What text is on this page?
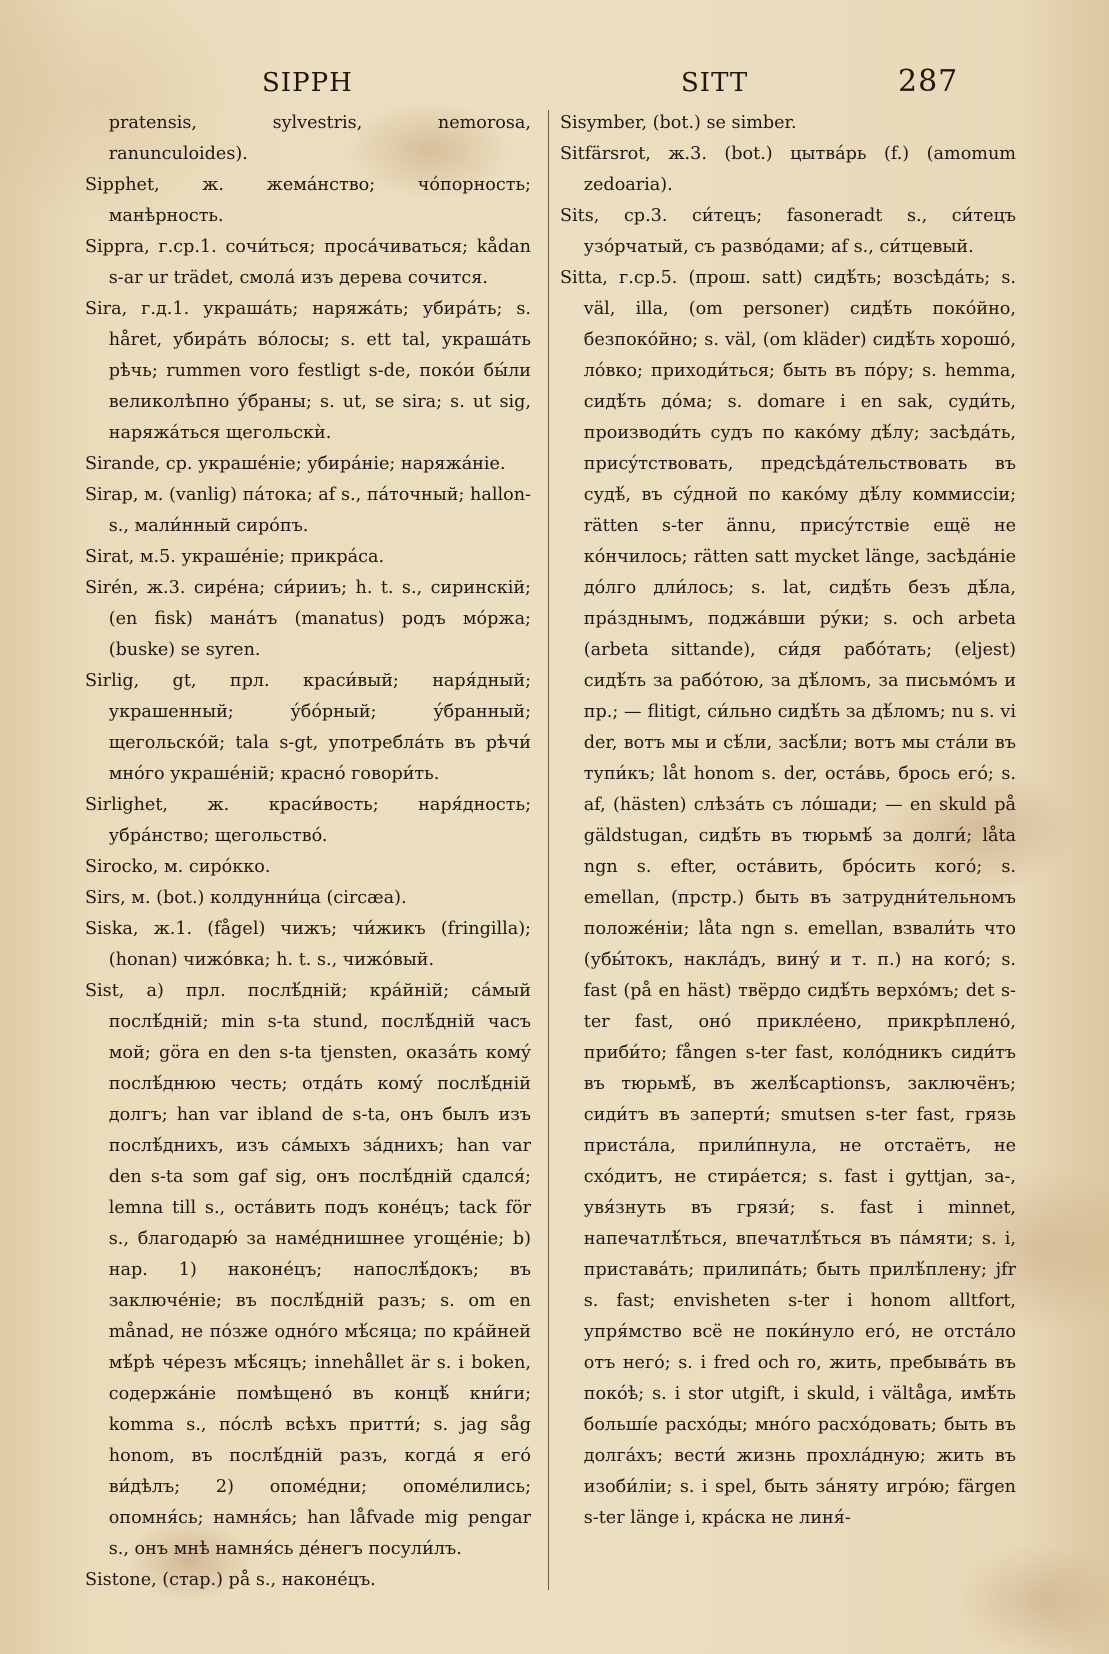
SIPPH	SITT	287

pratensis, sylvestris, nemorosa, ranunculoides).

Sipphet, ж. жемáнство; чóпорность; манѣрность.

Sippra, г.ср.1. сочи́ться; просáчиваться; kådan s-ar ur trädet, смолá изъ дерева сочится.

Sira, г.д.1. украшáть; наряжáть; убирáть; s. håret, убирáть вóлосы; s. ett tal, украшáть рѣчь; rummen voro festligt s-de, покóи бы́ли великолѣпно у́браны; s. ut, se sira; s. ut sig, наряжáться щегольскѝ.

Sirande, ср. украшéніе; убирáніе; наряжáніе.

Sirap, м. (vanlig) пáтока; af s., пáточный; hallon-s., мали́нный сирóпъ.

Sirat, м.5. украшéніе; прикрáса.

Sirén, ж.3. сирéна; си́рииъ; h. t. s., сиринскій; (en fisk) манáтъ (manatus) родъ мóржа; (buske) se syren.

Sirlig, gt, прл. краси́вый; наря́дный; украшенный; ýбóрный; ýбранный; щегольскóй; tala s-gt, употреблáть въ рѣчи́ мнóго украшéній; краснó говори́ть.

Sirlighet, ж. краси́вость; наря́дность; убрáнство; щегольствó.

Sirocko, м. сирóкко.

Sirs, м. (bot.) колдунни́ца (circæa).

Siska, ж.1. (fågel) чижъ; чи́жикъ (fringilla); (honan) чижóвка; h. t. s., чижóвый.

Sist, a) прл. послѣ́дній; крáйній; сáмый послѣ́дній; min s-ta stund, послѣ́дній часъ мой; göra en den s-ta tjensten, оказáть комý послѣ́днюю честь; отдáть комý послѣ́дній долгъ; han var ibland de s-ta, онъ былъ изъ послѣ́днихъ, изъ сáмыхъ зáднихъ; han var den s-ta som gaf sig, онъ послѣ́дній сдался́; lemna till s., остáвить подъ конéцъ; tack för s., благодарю́ за намéднишнее угощéніе; b) нар. 1) наконéцъ; напослѣ́докъ; въ заключéніе; въ послѣ́дній разъ; s. om en månad, не пóзже однóго мѣ́сяца; по крáйней мѣ́рѣ чéрезъ мѣ́сяцъ; innehållet är s. i boken, содержáніе помѣщенó въ концѣ́ кни́ги; komma s., пóслѣ всѣхъ притти́; s. jag såg honom, въ послѣ́дній разъ, когдá я егó ви́дѣлъ; 2) опомéдни; опомéлились; опомня́сь; намня́сь; han låfvade mig pengar s., онъ мнѣ намня́сь дéнегъ посули́лъ.

Sistone, (стар.) på s., наконéцъ.

Sisymber, (bot.) se simber.

Sitfärsrot, ж.3. (bot.) цытва́рь (f.) (amomum zedoaria).

Sits, ср.3. си́тецъ; fasoneradt s., си́тецъ узóрчатый, съ развóдами; af s., си́тцевый.

Sitta, г.ср.5. (прош. satt) сидѣ́ть; возсѣдáть; s. väl, illa, (om personer) сидѣ́ть покóйно, безпокóйно; s. väl, (om kläder) сидѣ́ть хорошó, лóвко; приходи́ться; быть въ пóру; s. hemma, сидѣ́ть дóма; s. domare i en sak, суди́ть, производи́ть судъ по какóму дѣ́лу; засѣдáть, присýтствовать, предсѣдáтельствовать въ судѣ́, въ сýдной по какóму дѣ́лу коммиссіи; rätten s-ter ännu, присýтствіе ещё не кóнчилось; rätten satt mycket länge, засѣдáніе дóлго дли́лось; s. lat, сидѣ́ть безъ дѣ́ла, прáзднымъ, поджáвши рýки; s. och arbeta (arbeta sittande), си́дя рабóтать; (eljest) сидѣ́ть за рабóтою, за дѣ́ломъ, за письмóмъ и пр.; — flitigt, си́льно сидѣ́ть за дѣ́ломъ; nu s. vi der, вотъ мы и сѣ́ли, засѣ́ли; вотъ мы стáли въ тупи́къ; låt honom s. der, остáвь, брось егó; s. af, (hästen) слѣзáть съ лóшади; — en skuld på gäldstugan, сидѣ́ть въ тюрьмѣ́ за долги́; låta ngn s. efter, остáвить, брóсить когó; s. emellan, (прстр.) быть въ затрудни́тельномъ положéніи; låta ngn s. emellan, взвали́ть что (убы́токъ, наклáдъ, винý и т. п.) на когó; s. fast (på en häst) твёрдо сидѣ́ть верхóмъ; det s-ter fast, онó приклéено, прикрѣплено́, приби́то; fången s-ter fast, колóдникъ сиди́тъ въ тюрьмѣ́, въ желѣ́captionsъ, заключёнъ; сиди́тъ въ заперти́; smutsen s-ter fast, грязь пристáла, прили́пнула, не отстаётъ, не схóдитъ, не стирáется; s. fast i gyttjan, за-, увя́знуть въ грязи́; s. fast i minnet, напечатлѣ́ться, впечатлѣ́ться въ пáмяти; s. i, приставáть; прилипáть; быть прилѣ́плену; jfr s. fast; envisheten s-ter i honom alltfort, упря́мство всё не поки́нуло егó, не отстáло отъ негó; s. i fred och ro, жить, пребывáть въ покóѣ; s. i stor utgift, i skuld, i vältåga, имѣ́ть большíе расхóды; мнóго расхóдовать; быть въ долгáхъ; вести́ жизнь прохлáдную; жить въ изоби́ліи; s. i spel, быть зáняту игрóю; färgen s-ter länge i, крáска не линя́-
